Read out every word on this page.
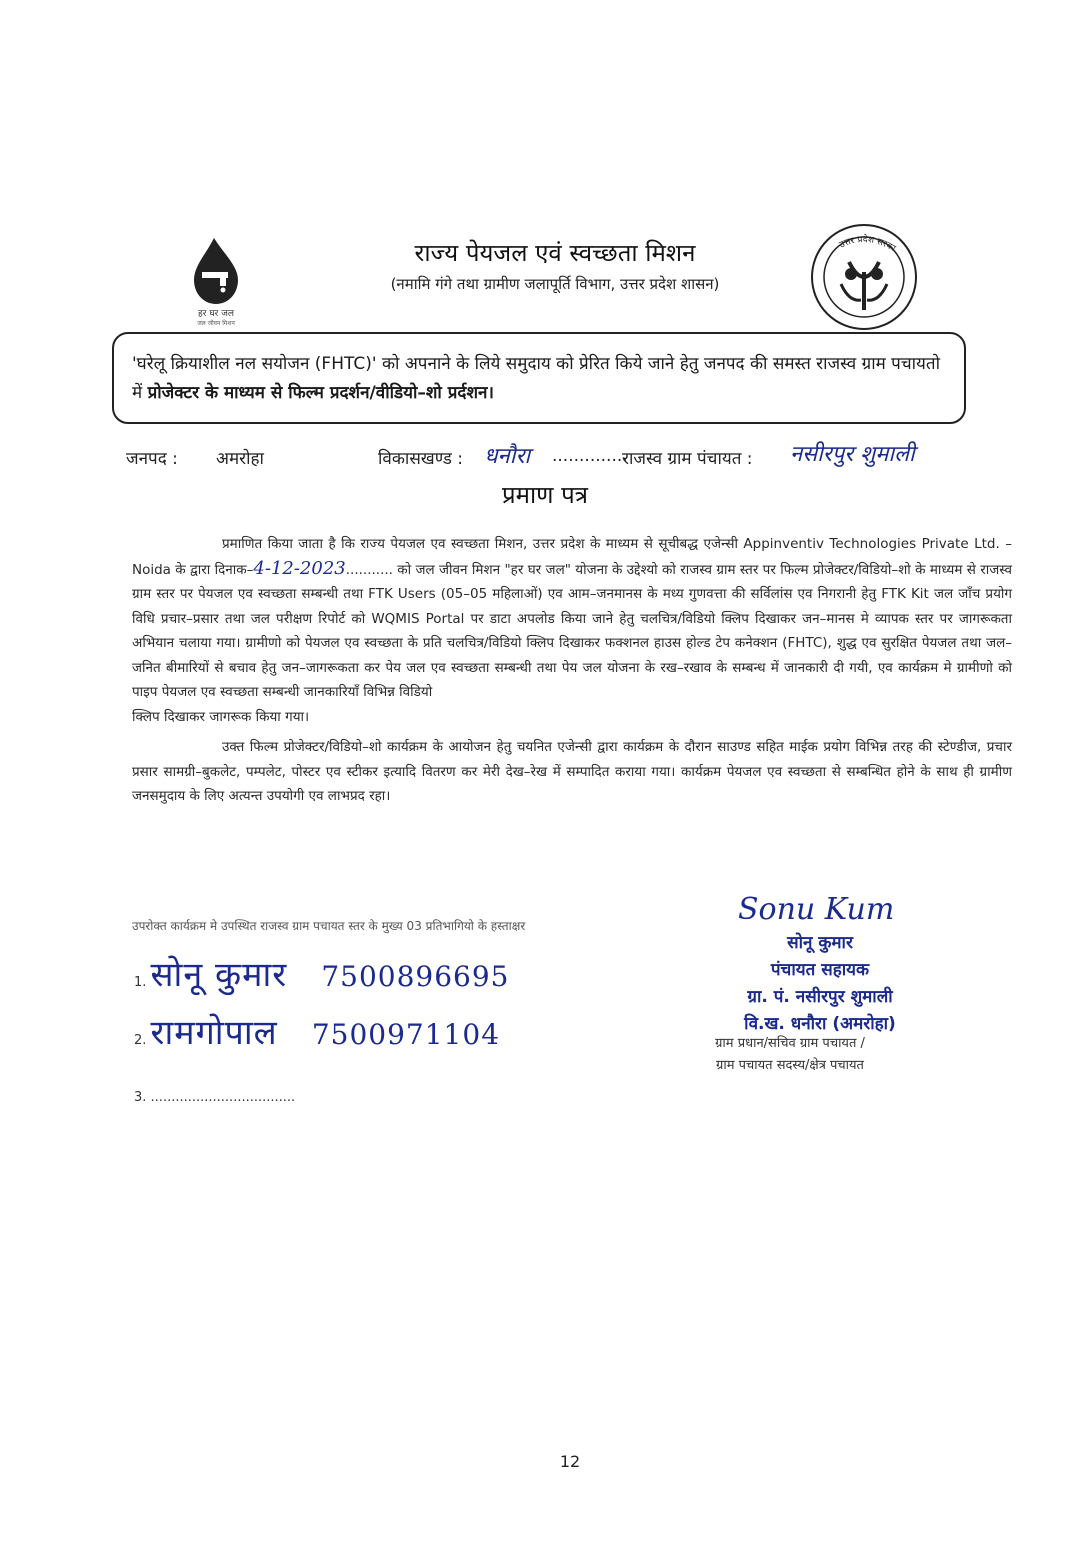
हर घर जल
जल जीवन मिशन
राज्य पेयजल एवं स्वच्छता मिशन
(नमामि गंगे तथा ग्रामीण जलापूर्ति विभाग, उत्तर प्रदेश शासन)
उत्तर प्रदेश सरका
'घरेलू क्रियाशील नल सयोजन (FHTC)' को अपनाने के लिये समुदाय को प्रेरित किये जाने हेतु जनपद की समस्त राजस्व ग्राम पचायतो में प्रोजेक्टर के माध्यम से फिल्म प्रदर्शन/वीडियो–शो प्रर्दशन।
जनपद : अमरोहा	विकासखण्ड : धनौरा ..............
राजस्व ग्राम पंचायत : नसीरपुर शुमाली
प्रमाण पत्र

प्रमाणित किया जाता है कि राज्य पेयजल एव स्वच्छता मिशन, उत्तर प्रदेश के माध्यम से सूचीबद्ध एजेन्सी Appinventiv Technologies Private Ltd. – Noida के द्वारा दिनाक–4-12-2023........... को जल जीवन मिशन "हर घर जल" योजना के उद्देश्यो को राजस्व ग्राम स्तर पर फिल्म प्रोजेक्टर/विडियो–शो के माध्यम से राजस्व ग्राम स्तर पर पेयजल एव स्वच्छता सम्बन्धी तथा FTK Users (05–05 महिलाओं) एव आम–जनमानस के मध्य गुणवत्ता की सर्विलांस एव निगरानी हेतु FTK Kit जल जाँच प्रयोग विधि प्रचार–प्रसार तथा जल परीक्षण रिपोर्ट को WQMIS Portal पर डाटा अपलोड किया जाने हेतु चलचित्र/विडियो क्लिप दिखाकर जन–मानस मे व्यापक स्तर पर जागरूकता अभियान चलाया गया। ग्रामीणो को पेयजल एव स्वच्छता के प्रति चलचित्र/विडियो क्लिप दिखाकर फक्शनल हाउस होल्ड टेप कनेक्शन (FHTC), शुद्ध एव सुरक्षित पेयजल तथा जल–जनित बीमारियों से बचाव हेतु जन–जागरूकता कर पेय जल एव स्वच्छता सम्बन्धी तथा पेय जल योजना के रख–रखाव के सम्बन्ध में जानकारी दी गयी, एव कार्यक्रम मे ग्रामीणो को पाइप पेयजल एव स्वच्छता सम्बन्धी जानकारियाँ विभिन्न विडियो

क्लिप दिखाकर जागरूक किया गया।

उक्त फिल्म प्रोजेक्टर/विडियो–शो कार्यक्रम के आयोजन हेतु चयनित एजेन्सी द्वारा कार्यक्रम के दौरान साउण्ड सहित माईक प्रयोग विभिन्न तरह की स्टेण्डीज, प्रचार प्रसार सामग्री–बुकलेट, पम्पलेट, पोस्टर एव स्टीकर इत्यादि वितरण कर मेरी देख–रेख में सम्पादित कराया गया। कार्यक्रम पेयजल एव स्वच्छता से सम्बन्धित होने के साथ ही ग्रामीण जनसमुदाय के लिए अत्यन्त उपयोगी एव लाभप्रद रहा।

उपरोक्त कार्यक्रम मे उपस्थित राजस्व ग्राम पचायत स्तर के मुख्य 03 प्रतिभागियो के हस्ताक्षर
1. सोनू कुमार 7500896695
2. रामगोपाल 7500971104
3. ...................................
Sonu Kum
सोनू कुमार
पंचायत सहायक
ग्रा. पं. नसीरपुर शुमाली
वि.ख. धनौरा (अमरोहा)
ग्राम प्रधान/सचिव ग्राम पचायत /
ग्राम पचायत सदस्य/क्षेत्र पचायत
12
